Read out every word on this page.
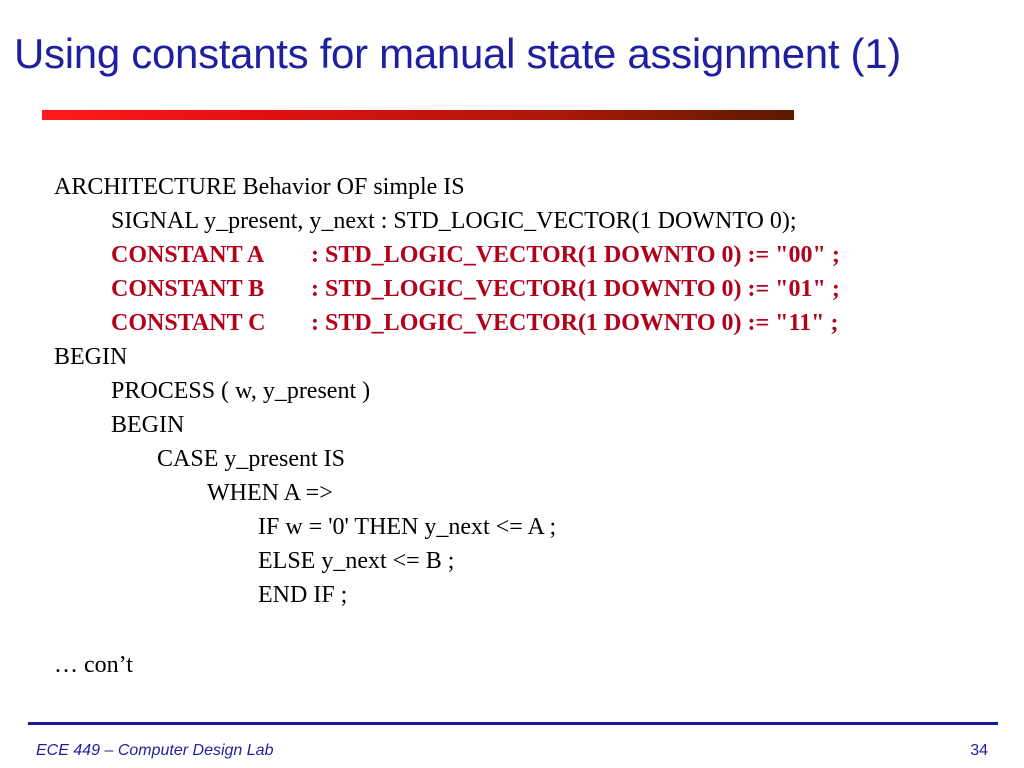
Using constants for manual state assignment (1)
ARCHITECTURE Behavior OF simple IS
SIGNAL y_present, y_next : STD_LOGIC_VECTOR(1 DOWNTO 0);
CONSTANT A : STD_LOGIC_VECTOR(1 DOWNTO 0) := "00" ;
CONSTANT B : STD_LOGIC_VECTOR(1 DOWNTO 0) := "01" ;
CONSTANT C : STD_LOGIC_VECTOR(1 DOWNTO 0) := "11" ;
BEGIN
PROCESS ( w, y_present )
BEGIN
CASE y_present IS
WHEN A =>
IF w = '0' THEN y_next <= A ;
ELSE y_next <= B ;
END IF ;
… con’t
ECE 449 – Computer Design Lab	34
